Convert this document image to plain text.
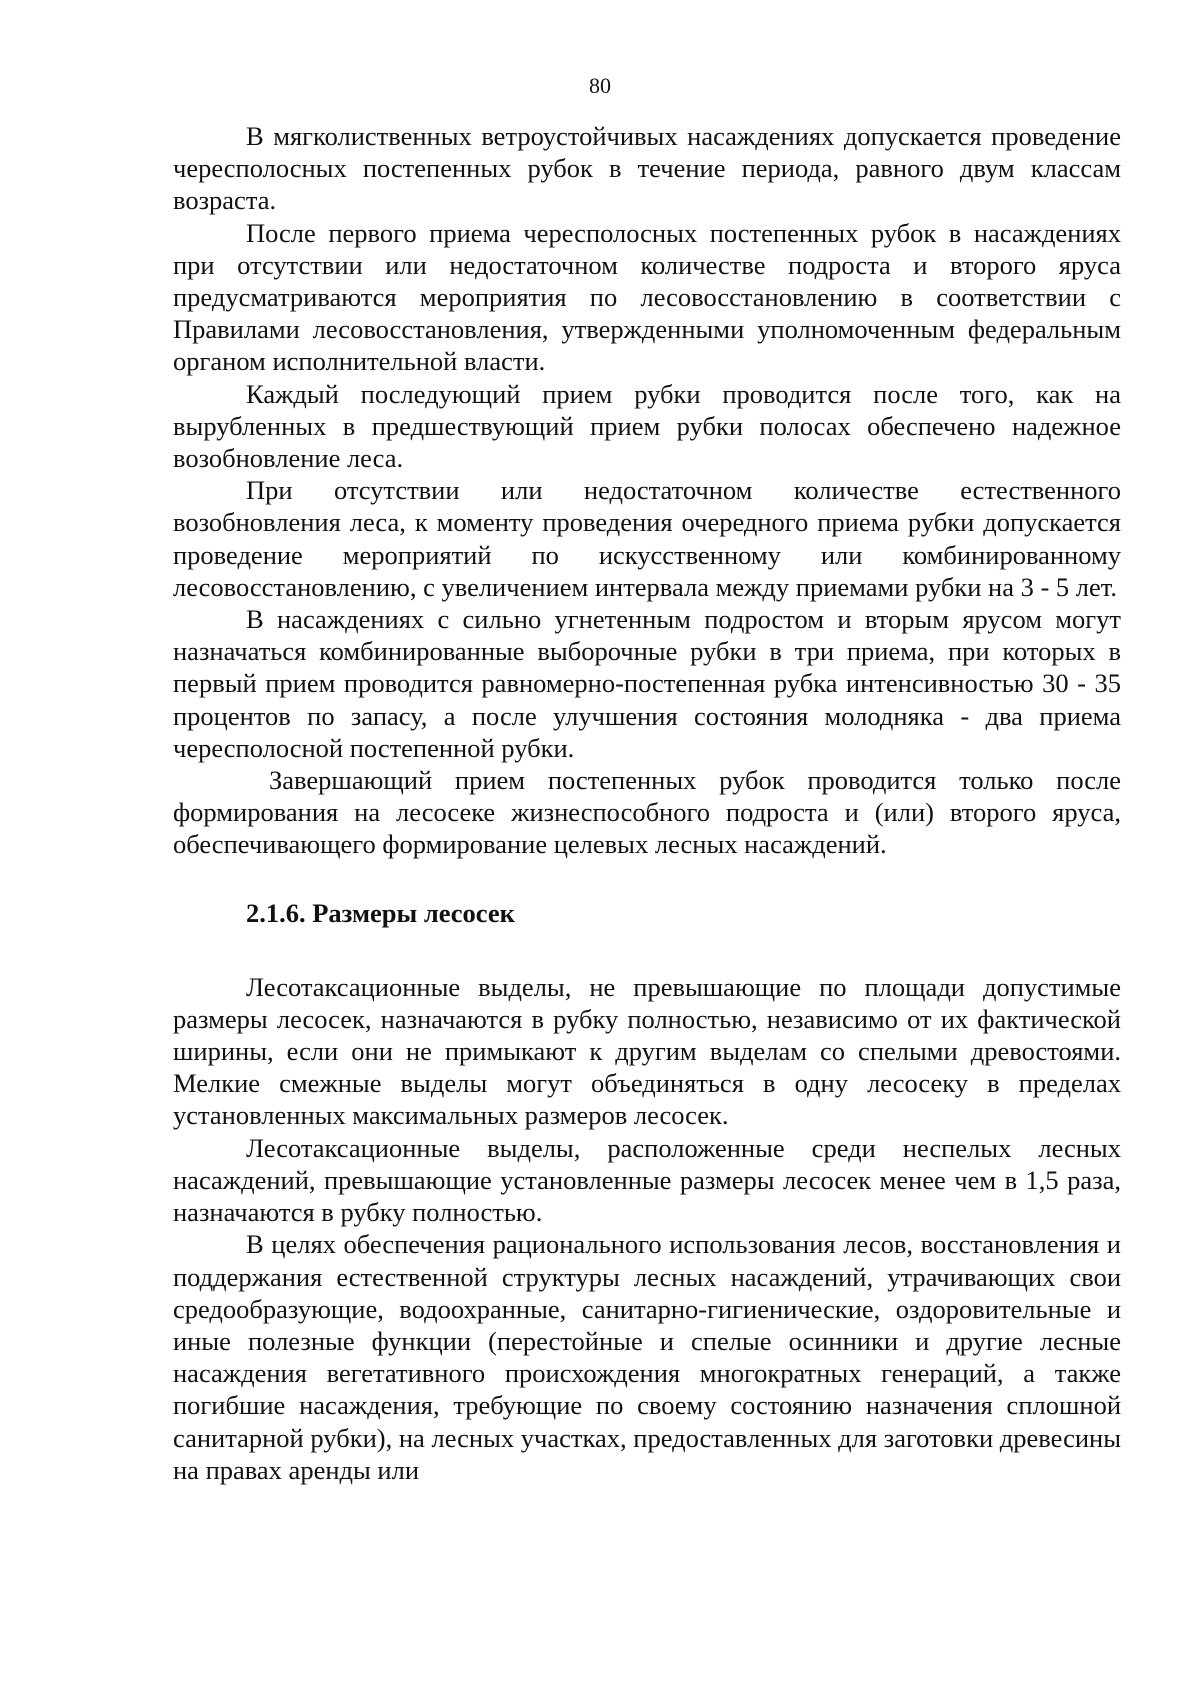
80

В мягколиственных ветроустойчивых насаждениях допускается проведение чересполосных постепенных рубок в течение периода, равного двум классам возраста.

После первого приема чересполосных постепенных рубок в насаждениях при отсутствии или недостаточном количестве подроста и второго яруса предусматриваются мероприятия по лесовосстановлению в соответствии с Правилами лесовосстановления, утвержденными уполномоченным федеральным органом исполнительной власти.

Каждый последующий прием рубки проводится после того, как на вырубленных в предшествующий прием рубки полосах обеспечено надежное возобновление леса.

При отсутствии или недостаточном количестве естественного возобновления леса, к моменту проведения очередного приема рубки допускается проведение мероприятий по искусственному или комбинированному лесовосстановлению, с увеличением интервала между приемами рубки на 3 - 5 лет.

В насаждениях с сильно угнетенным подростом и вторым ярусом могут назначаться комбинированные выборочные рубки в три приема, при которых в первый прием проводится равномерно-постепенная рубка интенсивностью 30 - 35 процентов по запасу, а после улучшения состояния молодняка - два приема чересполосной постепенной рубки.

Завершающий прием постепенных рубок проводится только после формирования на лесосеке жизнеспособного подроста и (или) второго яруса, обеспечивающего формирование целевых лесных насаждений.

2.1.6. Размеры лесосек

Лесотаксационные выделы, не превышающие по площади допустимые размеры лесосек, назначаются в рубку полностью, независимо от их фактической ширины, если они не примыкают к другим выделам со спелыми древостоями. Мелкие смежные выделы могут объединяться в одну лесосеку в пределах установленных максимальных размеров лесосек.

Лесотаксационные выделы, расположенные среди неспелых лесных насаждений, превышающие установленные размеры лесосек менее чем в 1,5 раза, назначаются в рубку полностью.

В целях обеспечения рационального использования лесов, восстановления и поддержания естественной структуры лесных насаждений, утрачивающих свои средообразующие, водоохранные, санитарно-гигиенические, оздоровительные и иные полезные функции (перестойные и спелые осинники и другие лесные насаждения вегетативного происхождения многократных генераций, а также погибшие насаждения, требующие по своему состоянию назначения сплошной санитарной рубки), на лесных участках, предоставленных для заготовки древесины на правах аренды или
